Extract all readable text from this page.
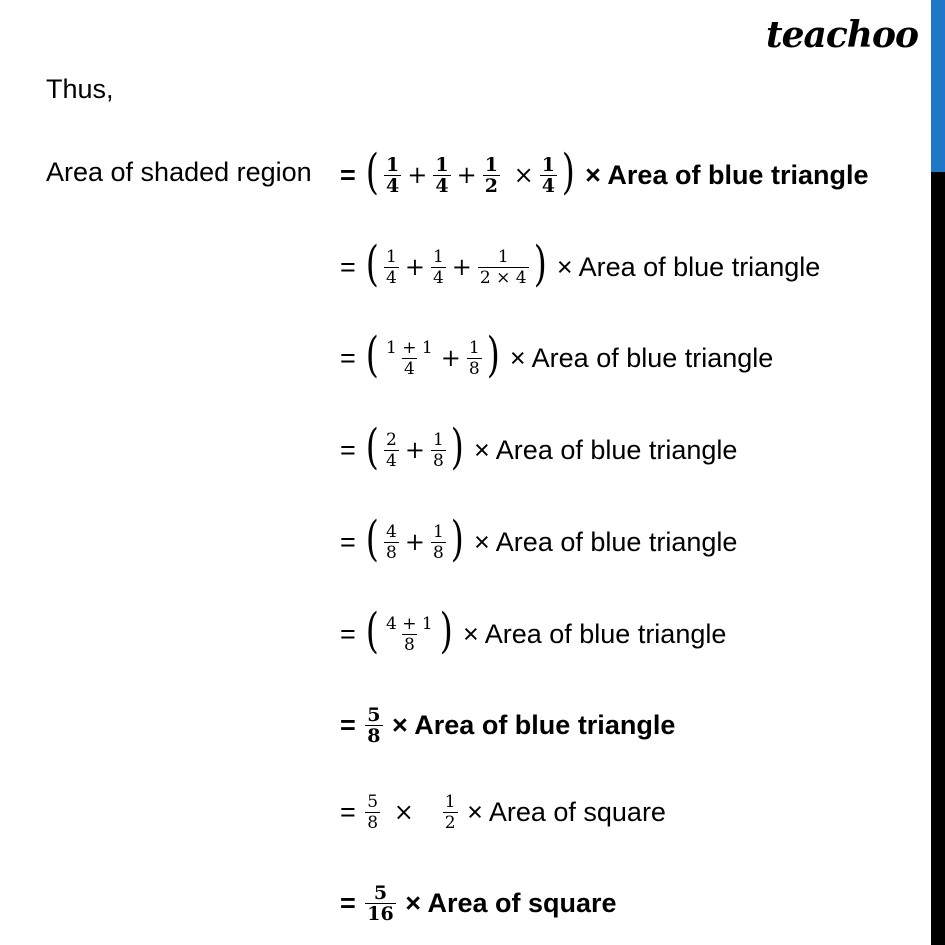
teachoo
Thus,
Area of shaded region = ( $\frac{1}{4} + \frac{1}{4} + \frac{1}{2} \times \frac{1}{4}$ ) × Area of blue triangle
= ( $\frac{1}{4} + \frac{1}{4} + \frac{1}{2 \times 4}$ ) × Area of blue triangle
= ( $\frac{1 + 1}{4} + \frac{1}{8}$ ) × Area of blue triangle
= ( $\frac{2}{4} + \frac{1}{8}$ ) × Area of blue triangle
= ( $\frac{4}{8} + \frac{1}{8}$ ) × Area of blue triangle
= ( $\frac{4 + 1}{8}$ ) × Area of blue triangle
= $\frac{5}{8}$ × Area of blue triangle
= $\frac{5}{8} \times \frac{1}{2}$ × Area of square
= $\frac{5}{16}$ × Area of square
